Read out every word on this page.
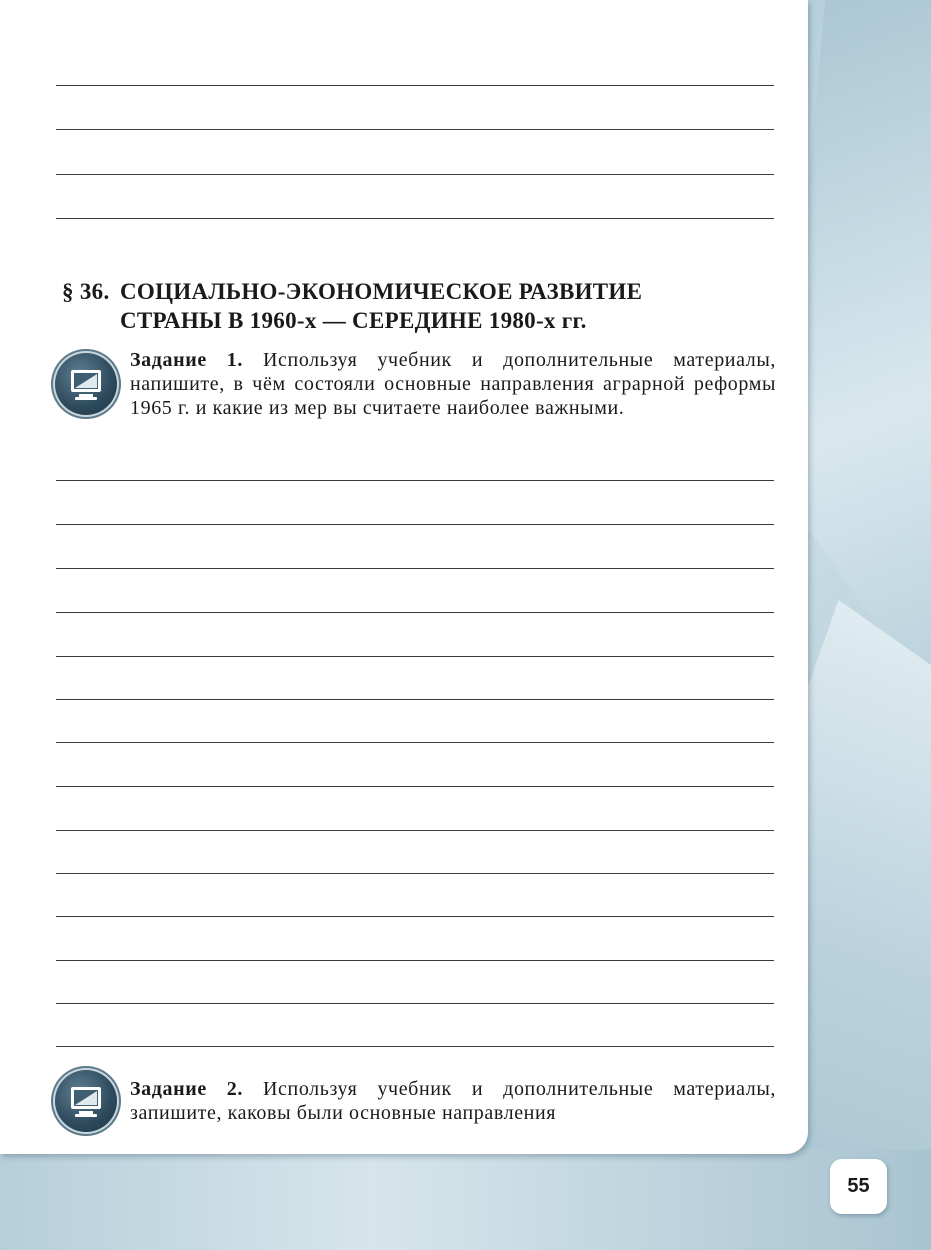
§ 36. СОЦИАЛЬНО-ЭКОНОМИЧЕСКОЕ РАЗВИТИЕ
СТРАНЫ В 1960-х — СЕРЕДИНЕ 1980-х гг.
Задание 1. Используя учебник и дополнительные материалы, напишите, в чём состояли основные направления аграрной реформы 1965 г. и какие из мер вы считаете наиболее важными.
Задание 2. Используя учебник и дополнительные материалы, запишите, каковы были основные направления
55
